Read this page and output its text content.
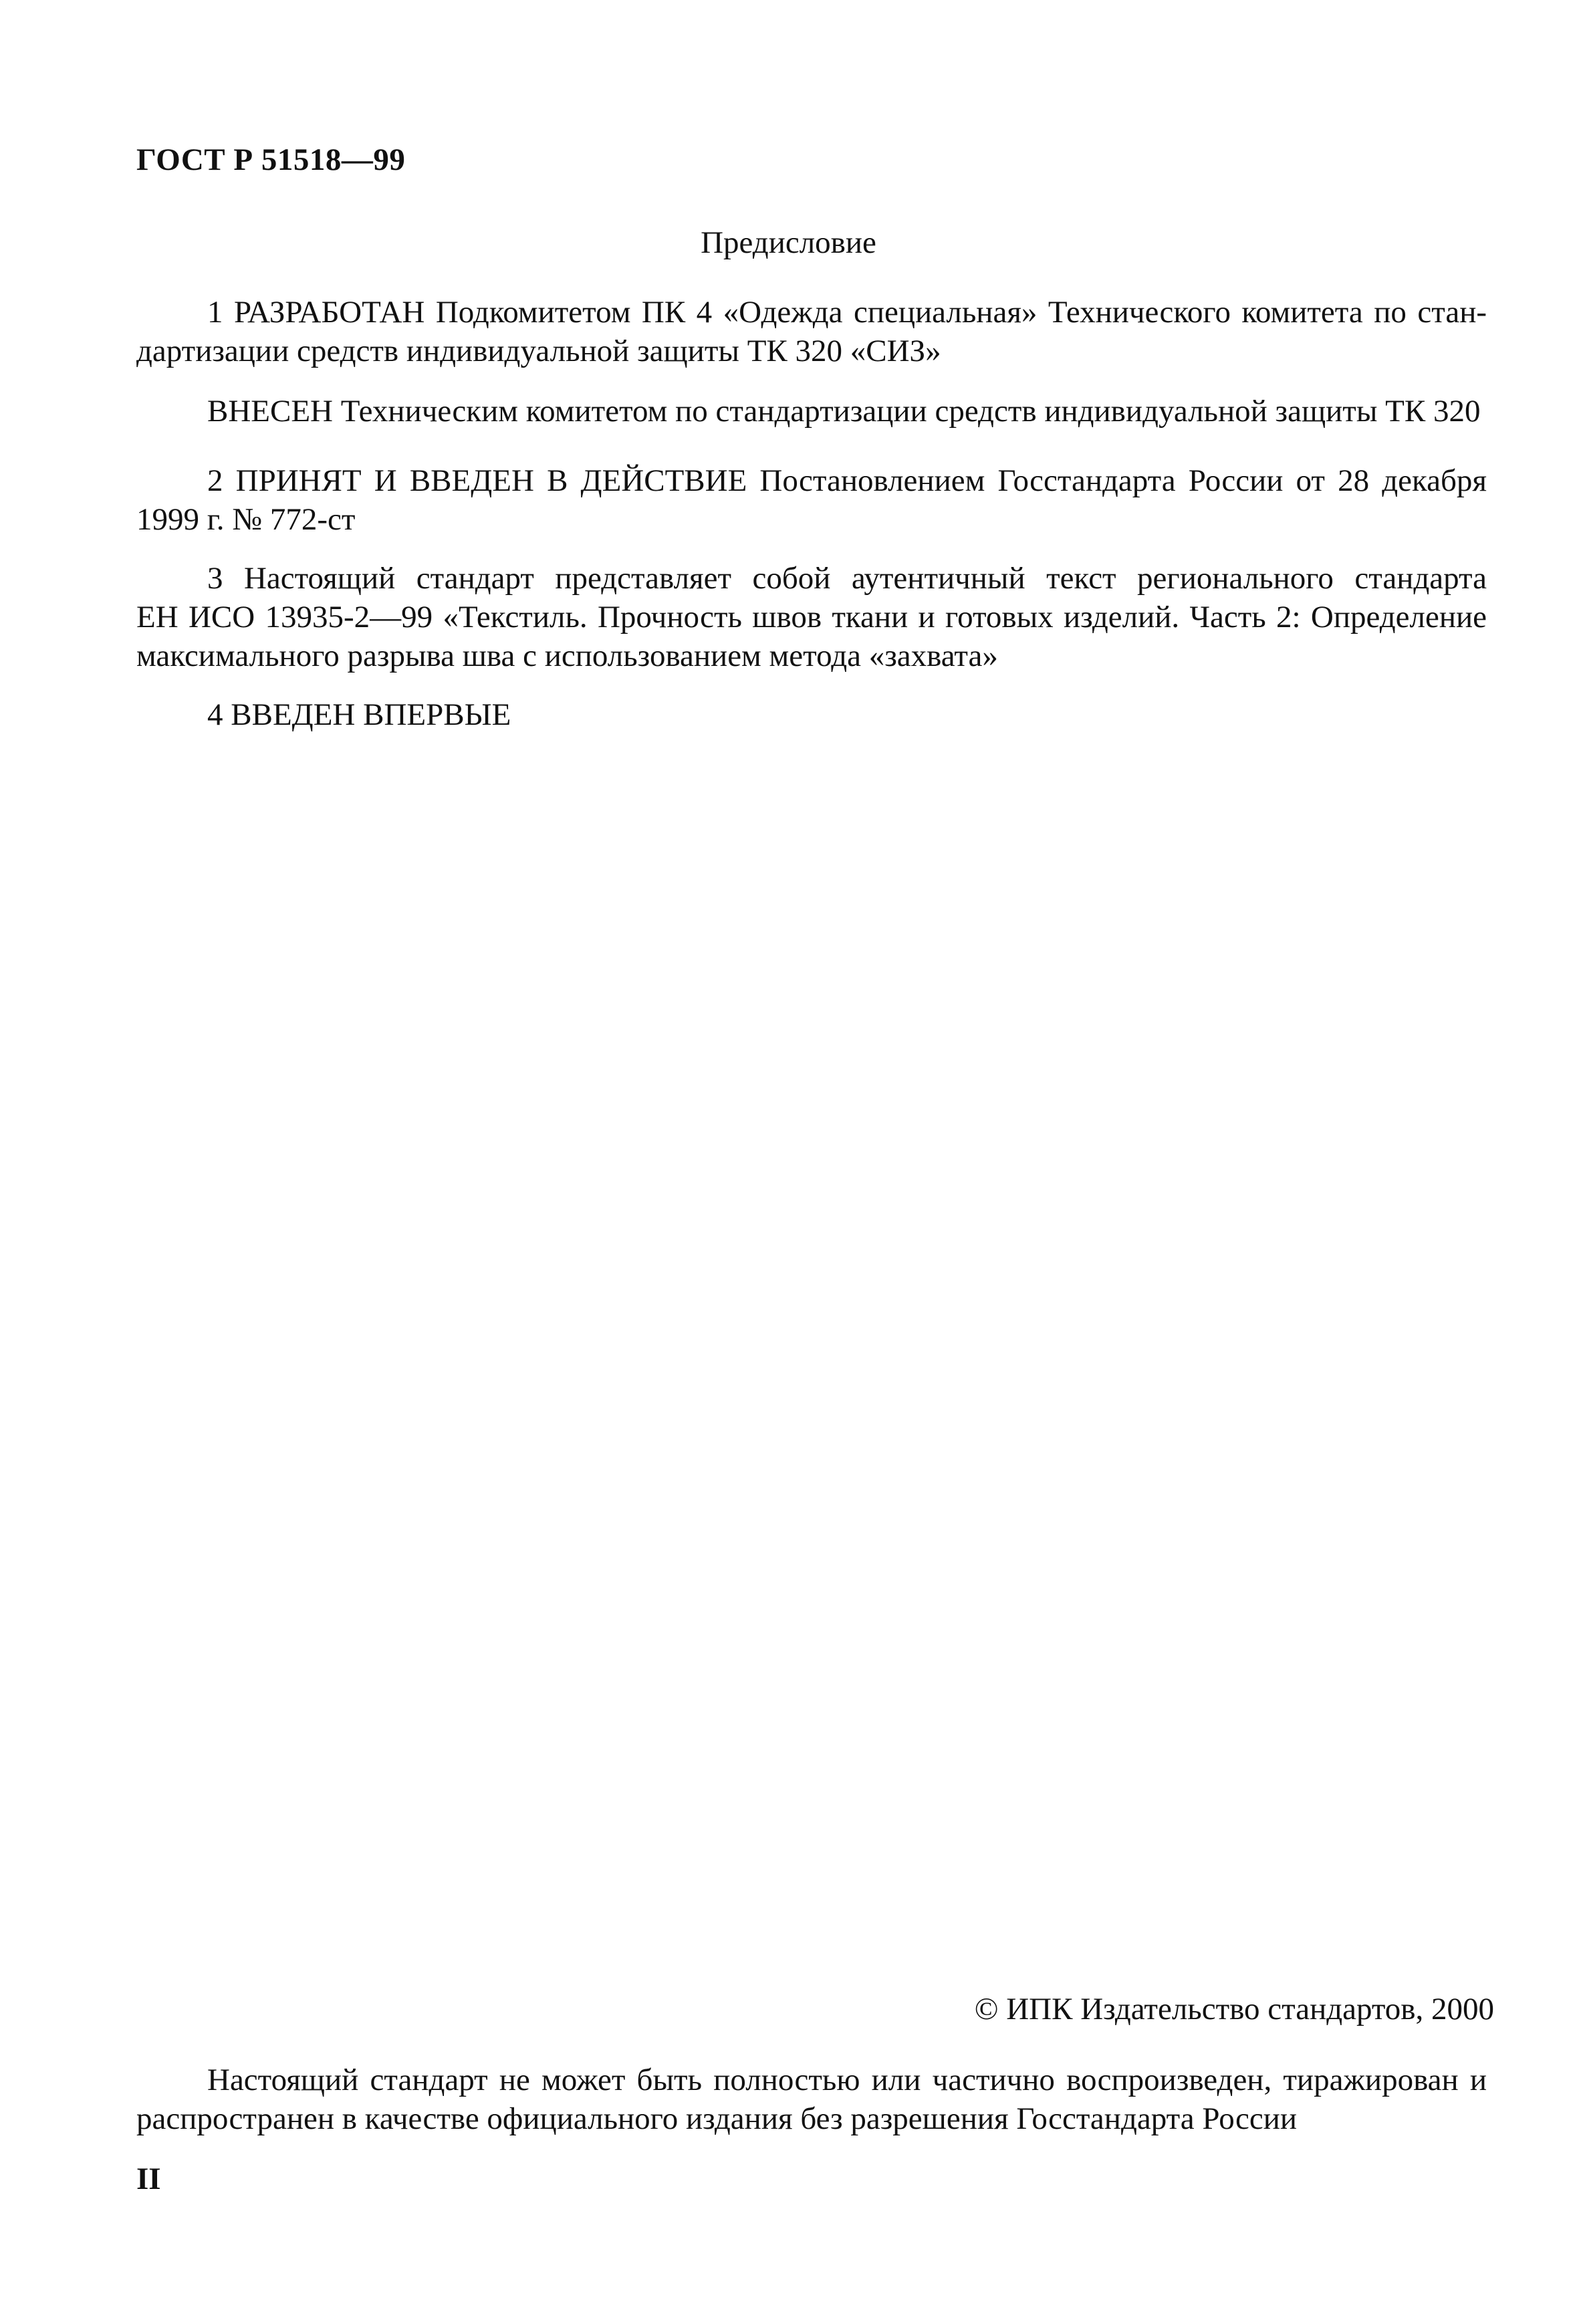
ГОСТ Р 51518—99
Предисловие
1 РАЗРАБОТАН Подкомитетом ПК 4 «Одежда специальная» Технического комитета по стан-
дартизации средств индивидуальной защиты ТК 320 «СИЗ»
ВНЕСЕН Техническим комитетом по стандартизации средств индивидуальной защиты ТК 320
2 ПРИНЯТ И ВВЕДЕН В ДЕЙСТВИЕ Постановлением Госстандарта России от 28 декабря
1999 г. № 772-ст
3 Настоящий стандарт представляет собой аутентичный текст регионального стандарта
ЕН ИСО 13935-2—99 «Текстиль. Прочность швов ткани и готовых изделий. Часть 2: Определение
максимального разрыва шва с использованием метода «захвата»
4 ВВЕДЕН ВПЕРВЫЕ
© ИПК Издательство стандартов, 2000
Настоящий стандарт не может быть полностью или частично воспроизведен, тиражирован и
распространен в качестве официального издания без разрешения Госстандарта России
II
